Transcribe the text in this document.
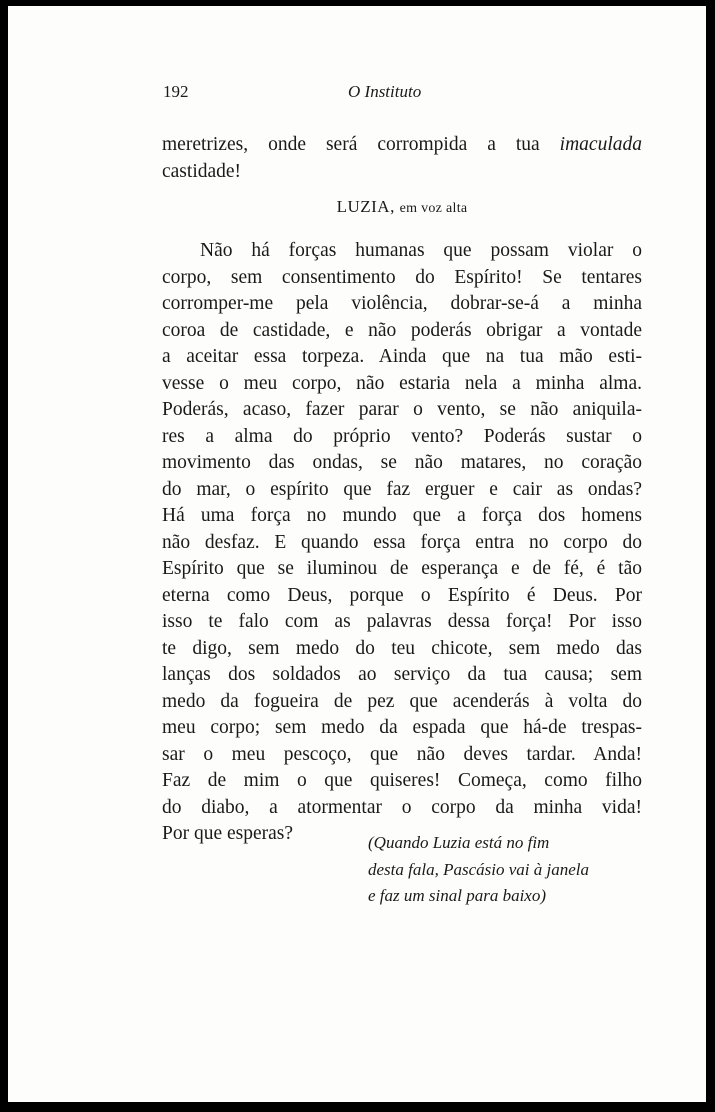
192	O Instituto
meretrizes, onde será corrompida a tua imaculada
castidade!
LUZIA, em voz alta
Não há forças humanas que possam violar o
corpo, sem consentimento do Espírito! Se tentares
corromper-me pela violência, dobrar-se-á a minha
coroa de castidade, e não poderás obrigar a vontade
a aceitar essa torpeza. Ainda que na tua mão esti-
vesse o meu corpo, não estaria nela a minha alma.
Poderás, acaso, fazer parar o vento, se não aniquila-
res a alma do próprio vento? Poderás sustar o
movimento das ondas, se não matares, no coração
do mar, o espírito que faz erguer e cair as ondas?
Há uma força no mundo que a força dos homens
não desfaz. E quando essa força entra no corpo do
Espírito que se iluminou de esperança e de fé, é tão
eterna como Deus, porque o Espírito é Deus. Por
isso te falo com as palavras dessa força! Por isso
te digo, sem medo do teu chicote, sem medo das
lanças dos soldados ao serviço da tua causa; sem
medo da fogueira de pez que acenderás à volta do
meu corpo; sem medo da espada que há-de trespas-
sar o meu pescoço, que não deves tardar. Anda!
Faz de mim o que quiseres! Começa, como filho
do diabo, a atormentar o corpo da minha vida!
Por que esperas?	(Quando Luzia está no fim
desta fala, Pascásio vai à janela
e faz um sinal para baixo)
